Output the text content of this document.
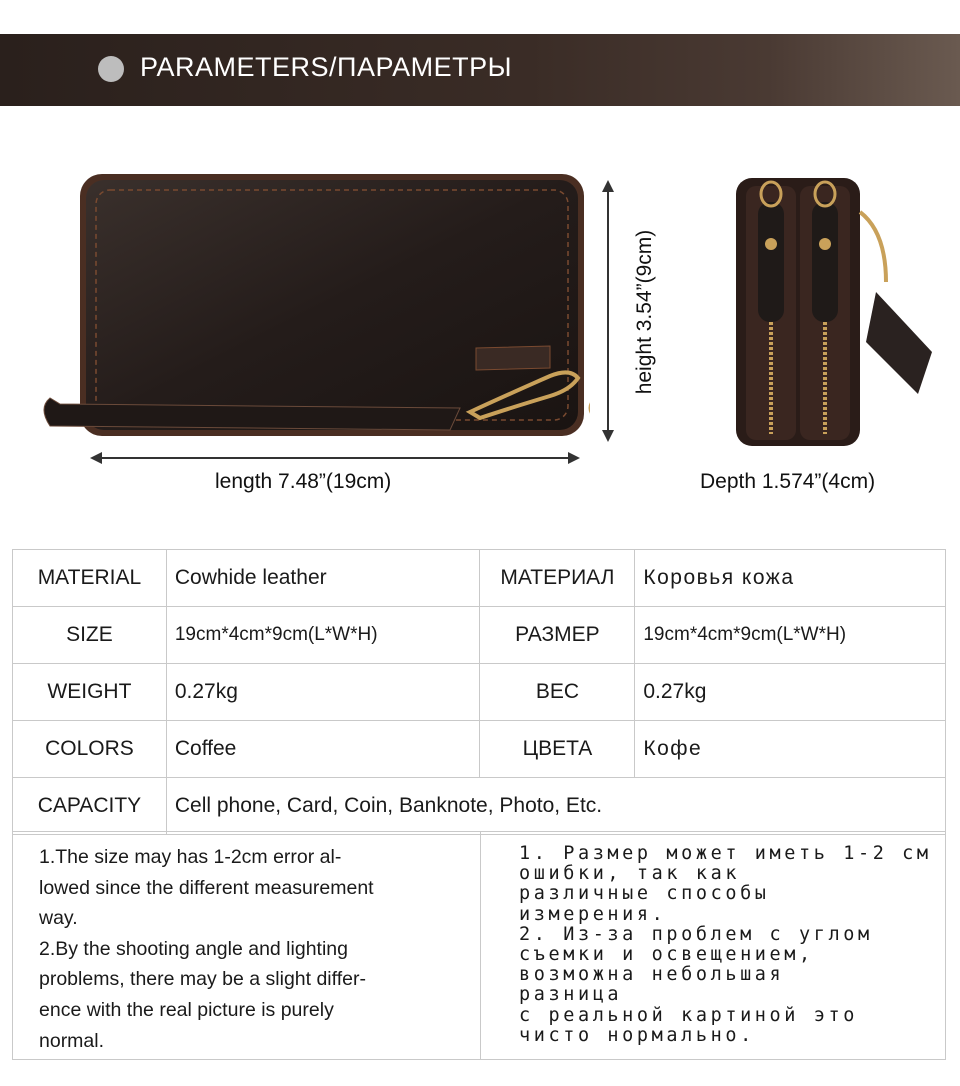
PARAMETERS/ПАРАМЕТРЫ
height 3.54”(9cm)
length 7.48”(19cm)	Depth 1.574”(4cm)
MATERIAL	Cowhide leather	МАТЕРИАЛ	Коровья кожа
SIZE	19cm*4cm*9cm(L*W*H)	РАЗМЕР	19cm*4cm*9cm(L*W*H)
WEIGHT	0.27kg	ВЕС	0.27kg
COLORS	Coffee	ЦВЕТА	Кофе
CAPACITY	Cell phone, Card, Coin, Banknote, Photo, Etc.		

1.The size may has 1-2cm error al-
lowed since the different measurement
way.
2.By the shooting angle and lighting
problems, there may be a slight differ-
ence with the real picture is purely
normal.

1. Размер может иметь 1-2 см
ошибки, так как
различные способы
измерения.
2. Из-за проблем с углом
съемки и освещением,
возможна небольшая
разница
с реальной картиной это
чисто нормально.
